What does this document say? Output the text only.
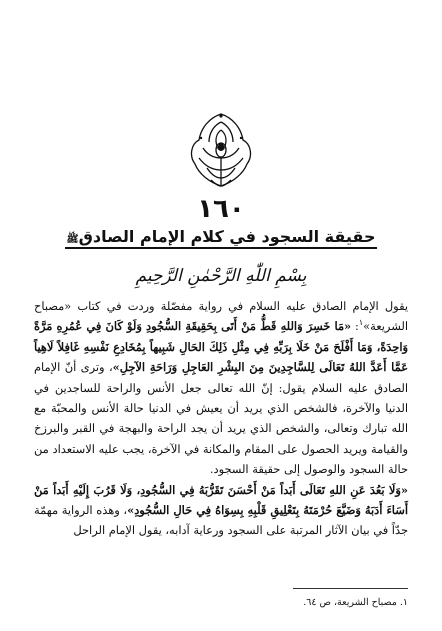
١٦٠
حقيقة السجود في كلام الإمام الصادقﷺ
بِسْمِ اللّٰهِ الرَّحْمٰنِ الرَّحِيمِ

يقول الإمام الصادق عليه السلام في رواية مفصّلة وردت في كتاب «مصباح الشريعة»$^١$: «مَا خَسِرَ وَاللهِ قَطُّ مَنْ أَتَى بِحَقِيقَةِ السُّجُودِ وَلَوْ كَانَ فِي عُمُرِهِ مَرَّةً وَاحِدَةً، وَمَا أَفْلَحَ مَنْ خَلَا بِرَبِّهِ فِي مِثْلِ ذَلِكَ الحَالِ شَبِيهاً بِمُخَادِعِ نَفْسِهِ غَافِلاً لَاهِياً عَمَّا أَعَدَّ اللهُ تَعَالَى لِلسَّاجِدِينَ مِنَ البِشْرِ العَاجِلِ وَرَاحَةِ الآجِلِ»، وترى أنّ الإمام الصادق عليه السلام يقول: إنّ الله تعالى جعل الأنس والراحة للساجدين في الدنيا والآخرة، فالشخص الذي يريد أن يعيش في الدنيا حالة الأنس والمحبّة مع الله تبارك وتعالى، والشخص الذي يريد أن يجد الراحة والبهجة في القبر والبرزخ والقيامة ويريد الحصول على المقام والمكانة في الآخرة، يجب عليه الاستعداد من حالة السجود والوصول إلى حقيقة السجود.

«وَلَا بَعُدَ عَنِ اللهِ تَعَالَى أَبَداً مَنْ أَحْسَنَ تَقَرُّبَهُ فِي السُّجُودِ، وَلَا قَرُبَ إِلَيْهِ أَبَداً مَنْ أَسَاءَ أَدَبَهُ وَضَيَّعَ حُرْمَتَهُ بِتَعْلِيقِ قَلْبِهِ بِسِوَاهُ فِي حَالِ السُّجُودِ»، وهذه الرواية مهمّة جدّاً في بيان الآثار المرتبة على السجود ورعاية آدابه، يقول الإمام الراحل

١. مصباح الشريعة، ص ٦٤.
